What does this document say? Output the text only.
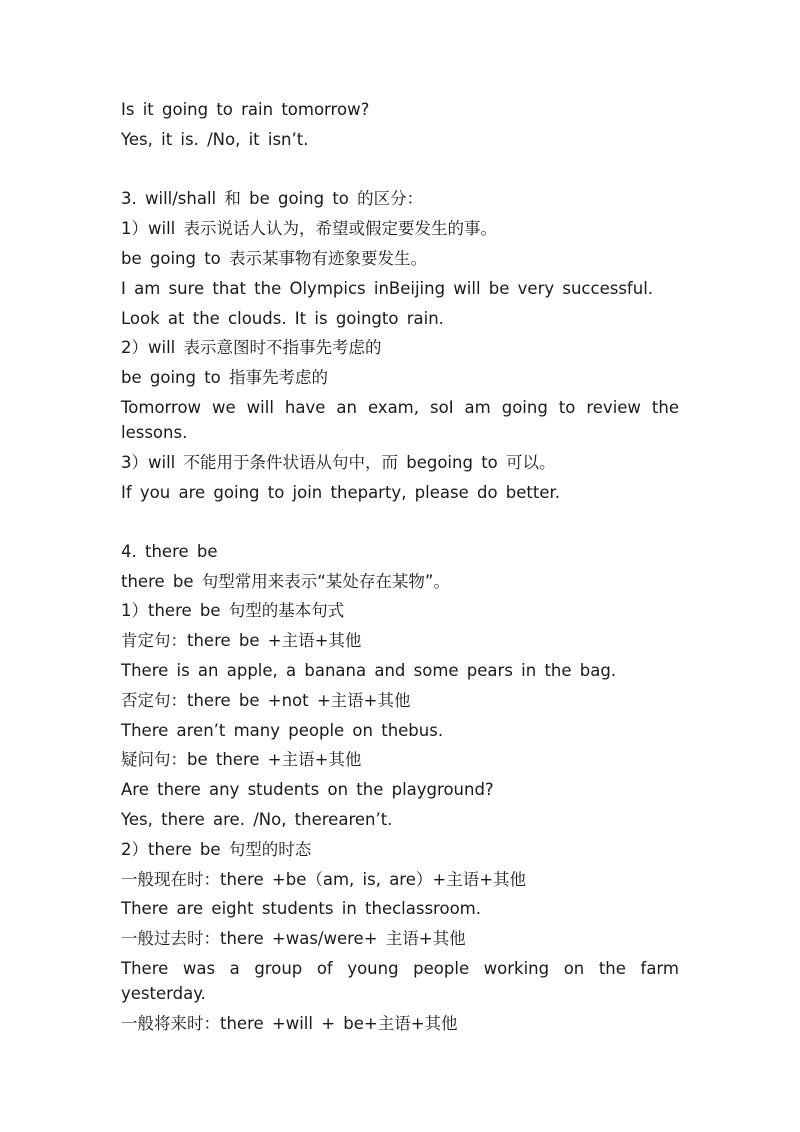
Is it going to rain tomorrow?
Yes, it is. /No, it isn’t.
3. will/shall 和 be going to 的区分：
1）will 表示说话人认为，希望或假定要发生的事。
be going to 表示某事物有迹象要发生。
I am sure that the Olympics inBeijing will be very successful.
Look at the clouds. It is goingto rain.
2）will 表示意图时不指事先考虑的
be going to 指事先考虑的
Tomorrow we will have an exam, soI am going to review the
lessons.
3）will 不能用于条件状语从句中，而 begoing to 可以。
If you are going to join theparty, please do better.
4. there be
there be 句型常用来表示“某处存在某物”。
1）there be 句型的基本句式
肯定句：there be +主语+其他
There is an apple, a banana and some pears in the bag.
否定句：there be +not +主语+其他
There aren’t many people on thebus.
疑问句：be there +主语+其他
Are there any students on the playground?
Yes, there are. /No, therearen’t.
2）there be 句型的时态
一般现在时：there +be（am, is, are）+主语+其他
There are eight students in theclassroom.
一般过去时：there +was/were+ 主语+其他
There was a group of young people working on the farm
yesterday.
一般将来时：there +will + be+主语+其他
